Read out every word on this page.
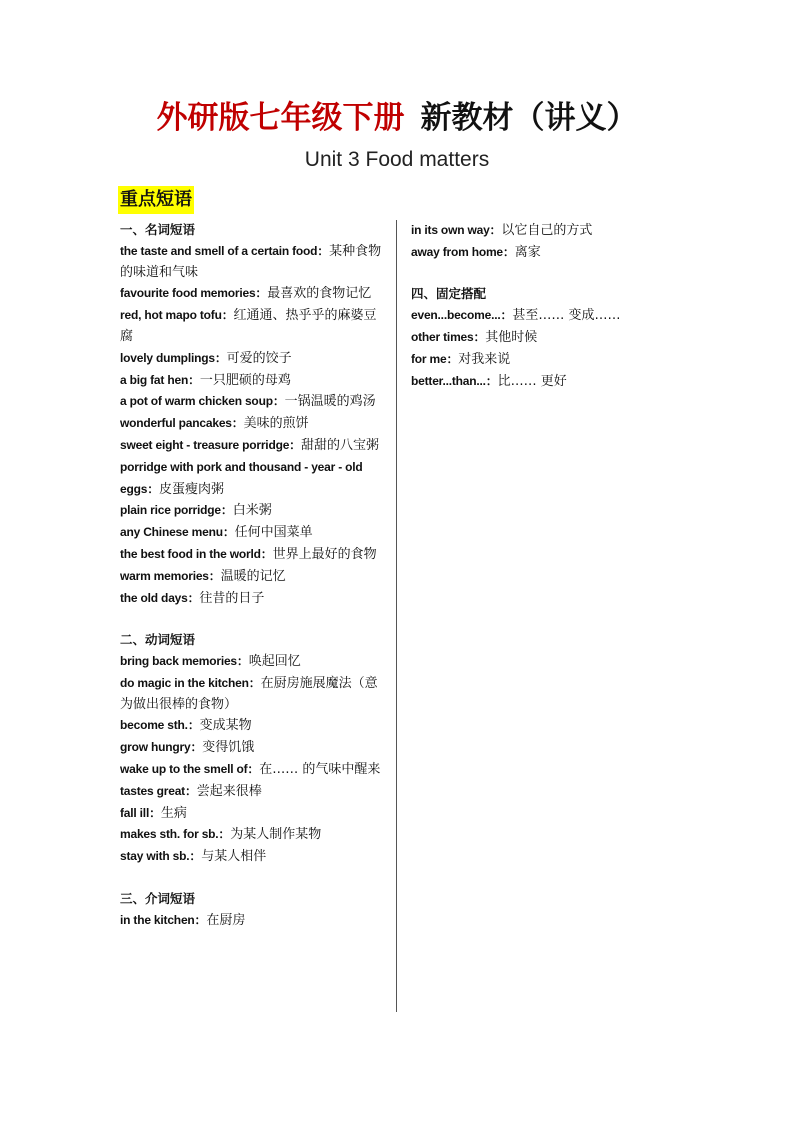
外研版七年级下册 新教材（讲义）
Unit 3 Food matters
重点短语
一、名词短语

the taste and smell of a certain food：某种食物的味道和气味

favourite food memories：最喜欢的食物记忆

red, hot mapo tofu：红通通、热乎乎的麻婆豆腐

lovely dumplings：可爱的饺子

a big fat hen：一只肥硕的母鸡

a pot of warm chicken soup：一锅温暖的鸡汤

wonderful pancakes：美味的煎饼

sweet eight - treasure porridge：甜甜的八宝粥

porridge with pork and thousand - year - old eggs：皮蛋瘦肉粥

plain rice porridge：白米粥

any Chinese menu：任何中国菜单

the best food in the world：世界上最好的食物

warm memories：温暖的记忆

the old days：往昔的日子

二、动词短语

bring back memories：唤起回忆

do magic in the kitchen：在厨房施展魔法（意为做出很棒的食物）

become sth.：变成某物

grow hungry：变得饥饿

wake up to the smell of：在…… 的气味中醒来

tastes great：尝起来很棒

fall ill：生病

makes sth. for sb.：为某人制作某物

stay with sb.：与某人相伴

三、介词短语

in the kitchen：在厨房

in its own way：以它自己的方式

away from home：离家

四、固定搭配

even...become...：甚至…… 变成……

other times：其他时候

for me：对我来说

better...than...：比…… 更好
